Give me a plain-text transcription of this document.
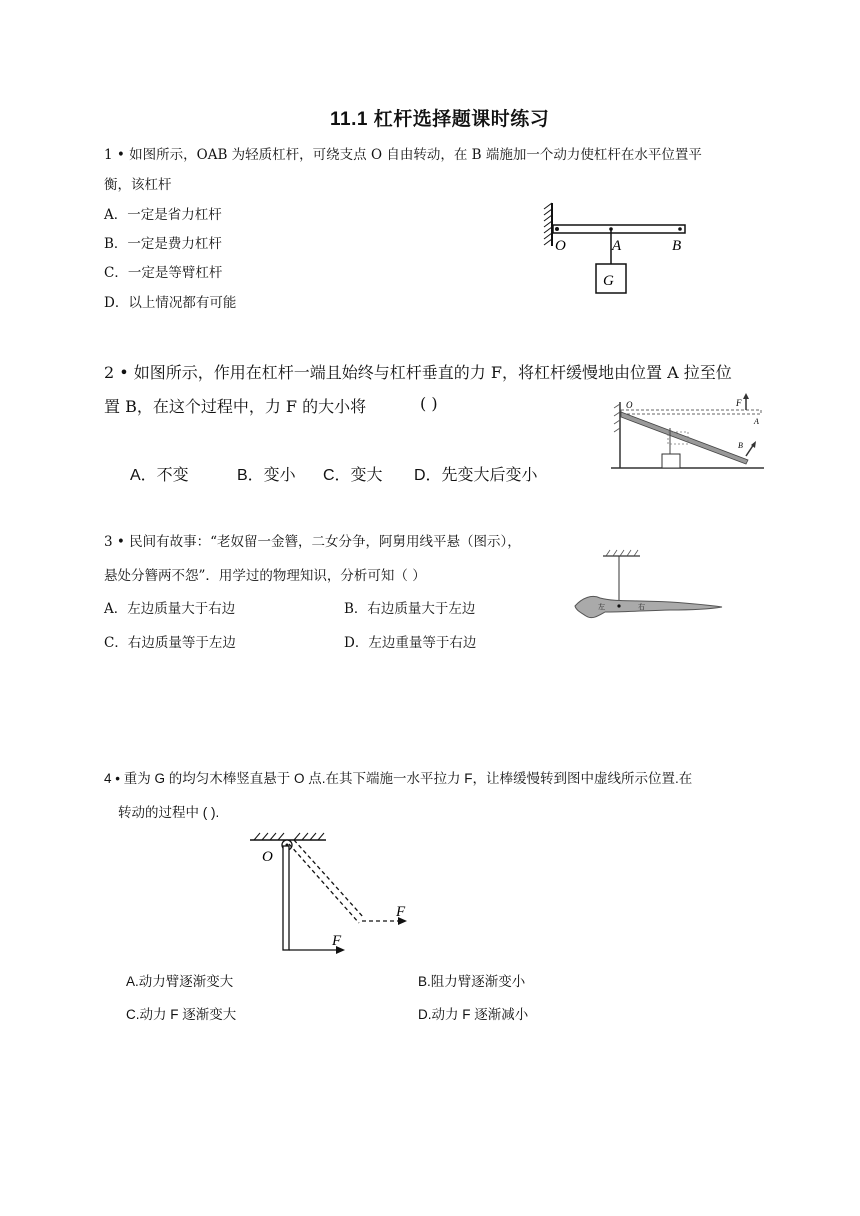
11.1 杠杆选择题课时练习
1 • 如图所示，OAB 为轻质杠杆，可绕支点 O 自由转动，在 B 端施加一个动力使杠杆在水平位置平
衡，该杠杆
A．一定是省力杠杆
B．一定是费力杠杆
C．一定是等臂杠杆
D．以上情况都有可能
O	A	B
G
2 • 如图所示，作用在杠杆一端且始终与杠杆垂直的力 F，将杠杆缓慢地由位置 A 拉至位
置 B，在这个过程中，力 F 的大小将	( )
A．不变	B．变小 C．变大 D．先变大后变小
O	F
A
B
3 • 民间有故事：“老奴留一金簪，二女分争，阿舅用线平悬（图示），
悬处分簪两不怨”．用学过的物理知识，分析可知（ ）
A．左边质量大于右边	B．右边质量大于左边
C．右边质量等于左边	D．左边重量等于右边
左	右
4 • 重为 G 的均匀木棒竖直悬于 O 点.在其下端施一水平拉力 F，让棒缓慢转到图中虚线所示位置.在
转动的过程中 ( ).
O
F
F
A.动力臂逐渐变大	B.阻力臂逐渐变小
C.动力 F 逐渐变大	D.动力 F 逐渐减小
